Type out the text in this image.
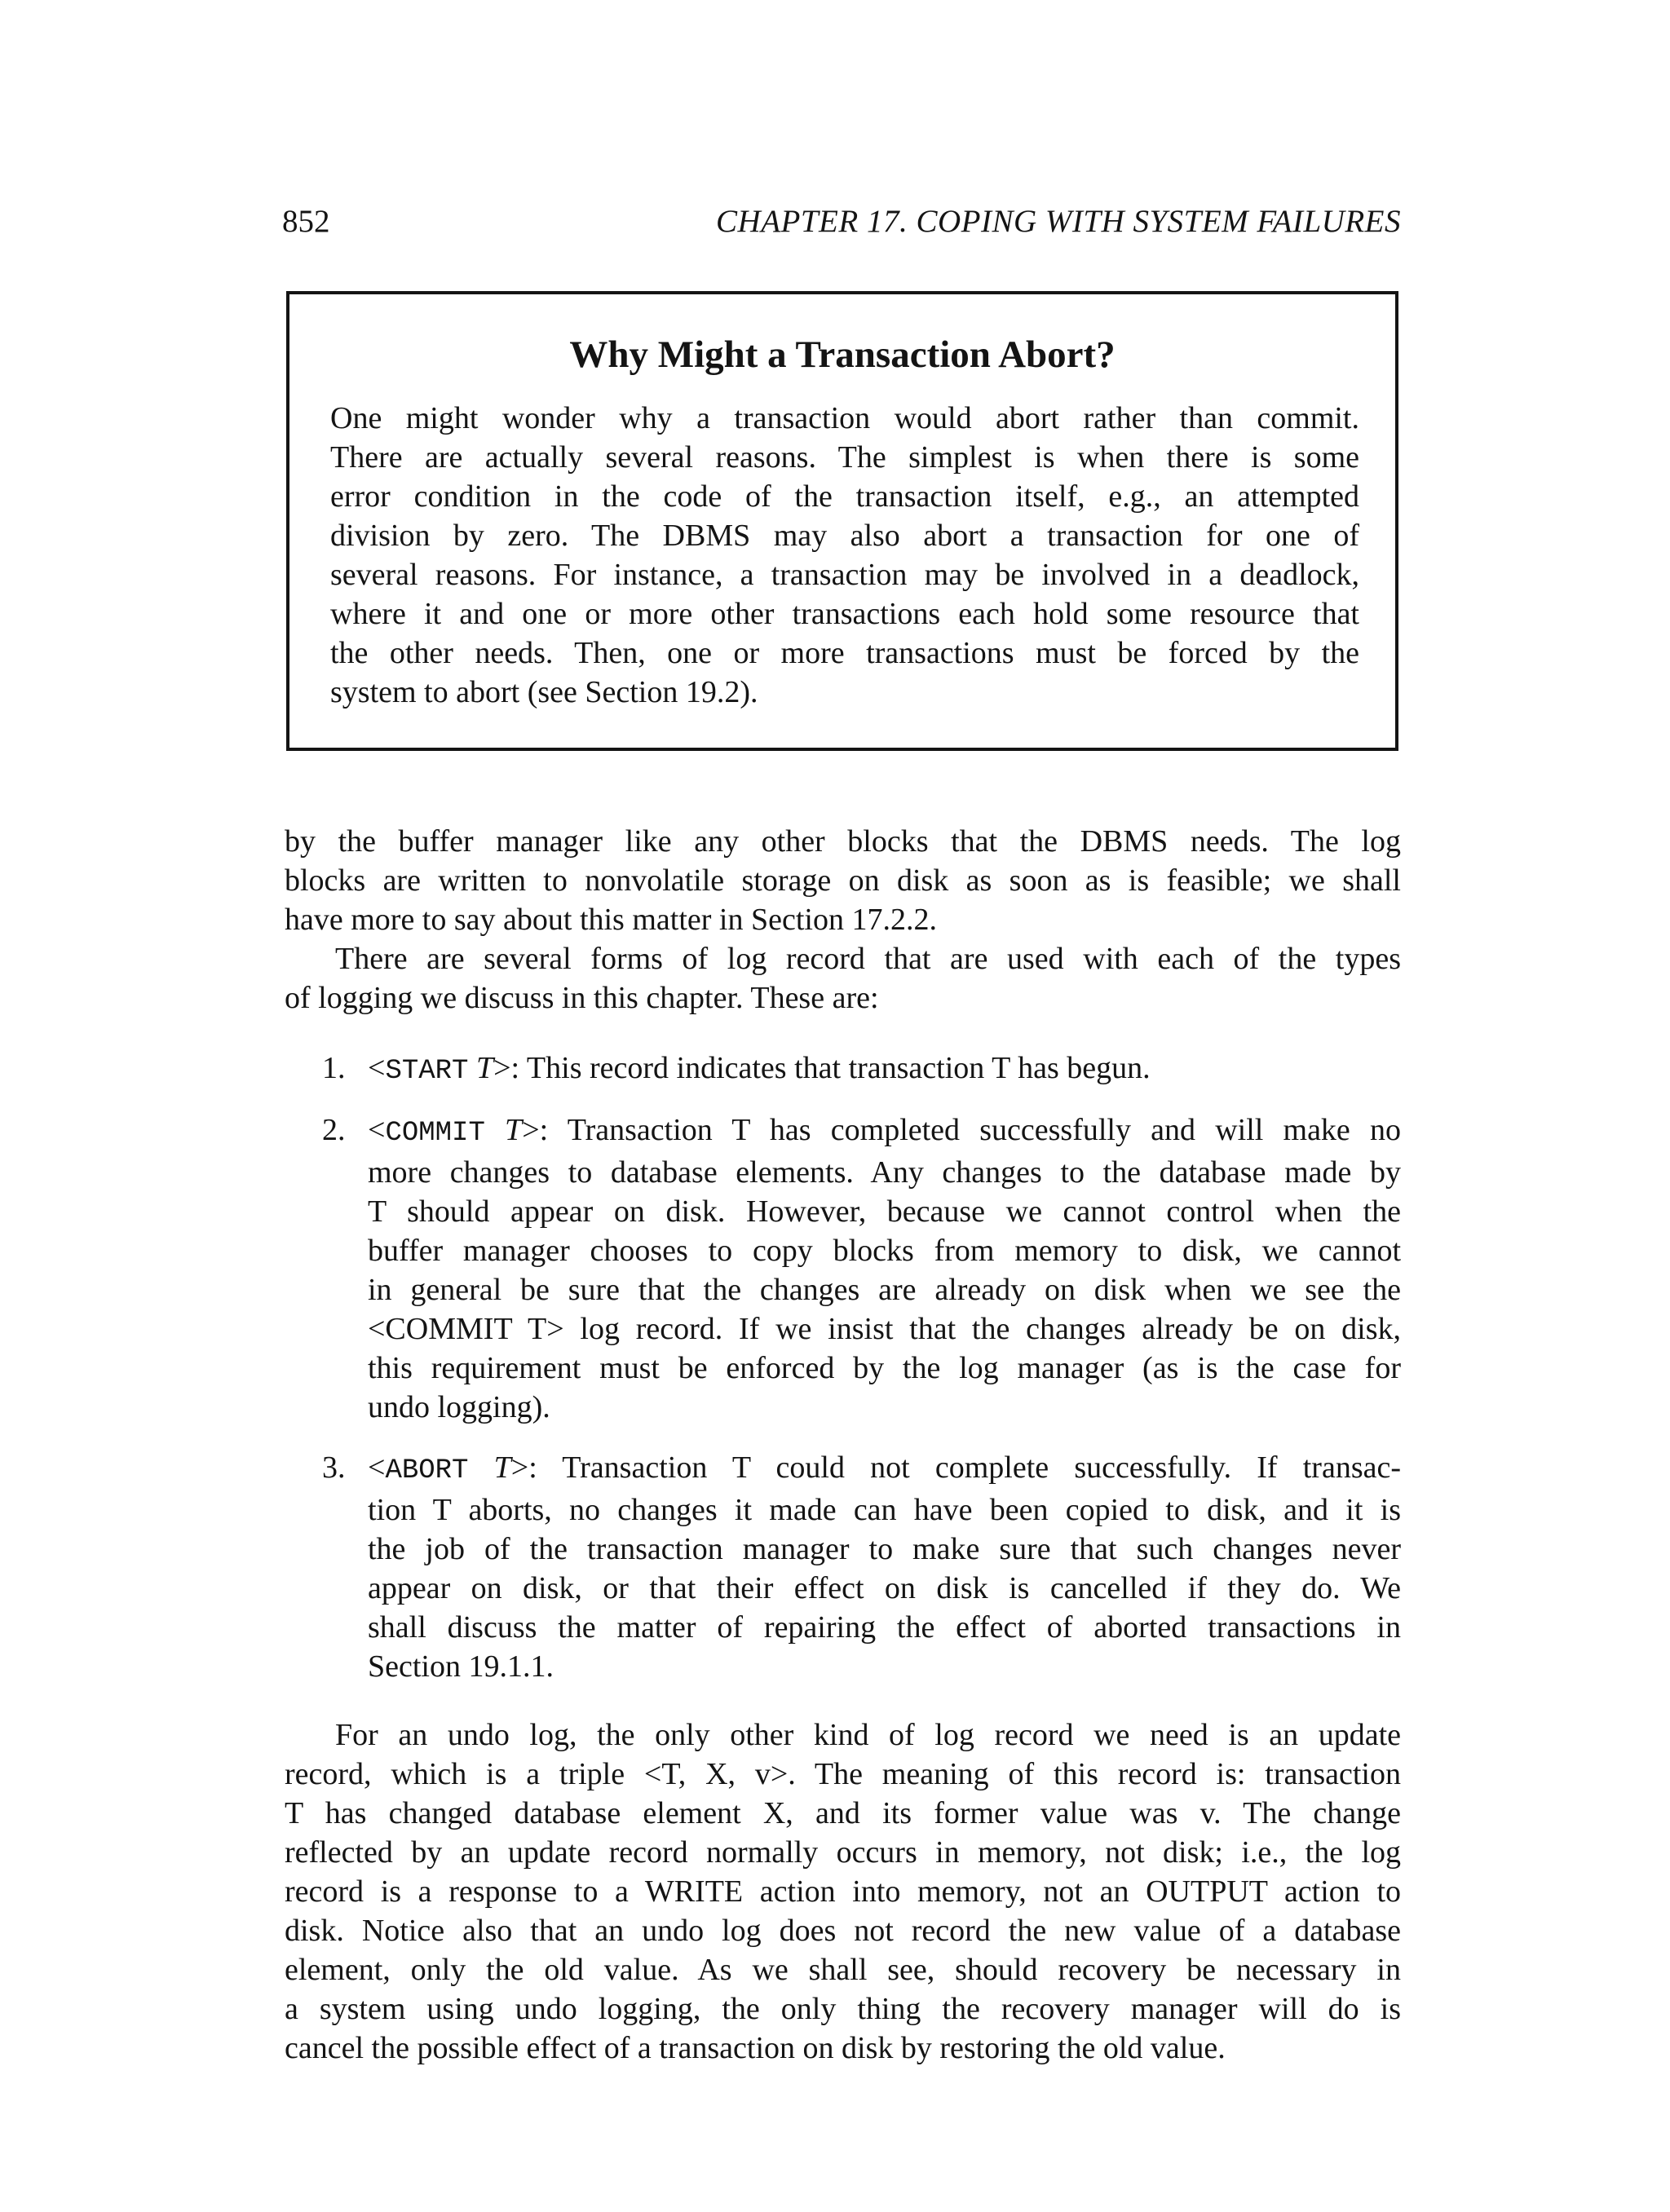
852	CHAPTER 17. COPING WITH SYSTEM FAILURES
Why Might a Transaction Abort?
One might wonder why a transaction would abort rather than commit.
There are actually several reasons. The simplest is when there is some
error condition in the code of the transaction itself, e.g., an attempted
division by zero. The DBMS may also abort a transaction for one of
several reasons. For instance, a transaction may be involved in a deadlock,
where it and one or more other transactions each hold some resource that
the other needs. Then, one or more transactions must be forced by the
system to abort (see Section 19.2).
by the buffer manager like any other blocks that the DBMS needs. The log
blocks are written to nonvolatile storage on disk as soon as is feasible; we shall
have more to say about this matter in Section 17.2.2.
There are several forms of log record that are used with each of the types
of logging we discuss in this chapter. These are:
1. <START T>: This record indicates that transaction T has begun.
2. <COMMIT T>: Transaction T has completed successfully and will make no
more changes to database elements. Any changes to the database made by
T should appear on disk. However, because we cannot control when the
buffer manager chooses to copy blocks from memory to disk, we cannot
in general be sure that the changes are already on disk when we see the
<COMMIT T> log record. If we insist that the changes already be on disk,
this requirement must be enforced by the log manager (as is the case for
undo logging).
3. <ABORT T>: Transaction T could not complete successfully. If transac-
tion T aborts, no changes it made can have been copied to disk, and it is
the job of the transaction manager to make sure that such changes never
appear on disk, or that their effect on disk is cancelled if they do. We
shall discuss the matter of repairing the effect of aborted transactions in
Section 19.1.1.
For an undo log, the only other kind of log record we need is an update
record, which is a triple <T, X, v>. The meaning of this record is: transaction
T has changed database element X, and its former value was v. The change
reflected by an update record normally occurs in memory, not disk; i.e., the log
record is a response to a WRITE action into memory, not an OUTPUT action to
disk. Notice also that an undo log does not record the new value of a database
element, only the old value. As we shall see, should recovery be necessary in
a system using undo logging, the only thing the recovery manager will do is
cancel the possible effect of a transaction on disk by restoring the old value.
